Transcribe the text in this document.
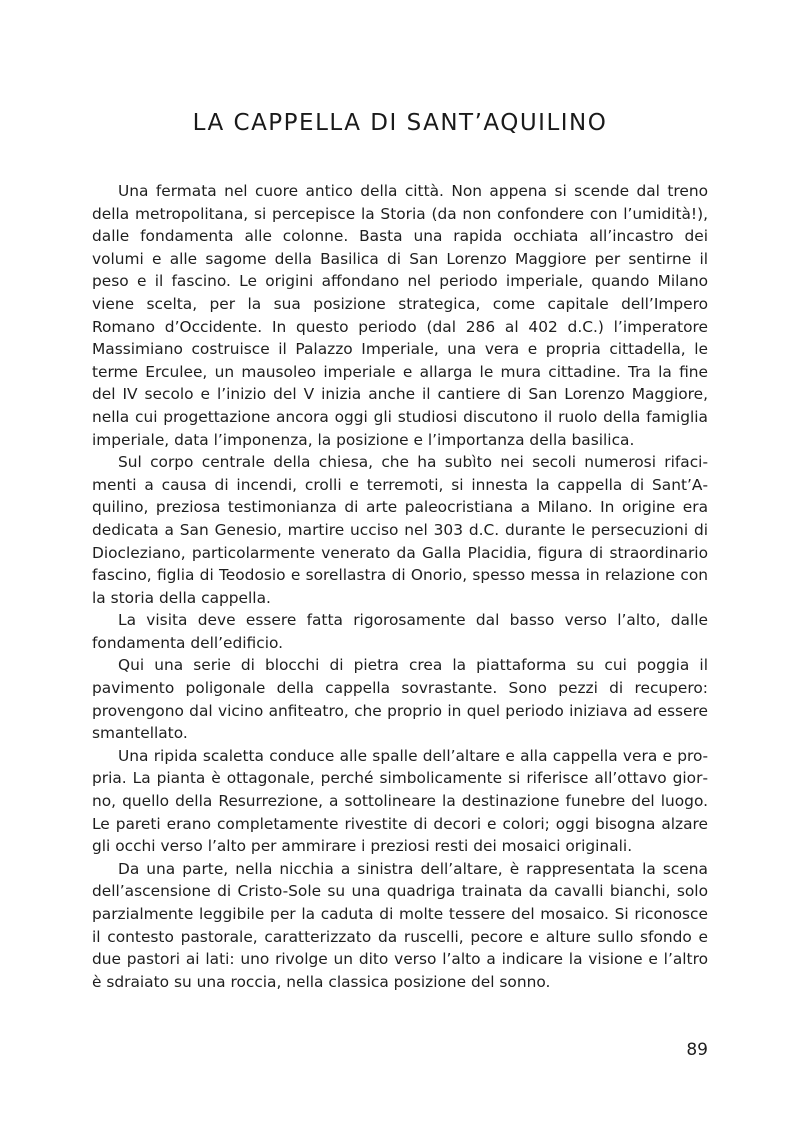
LA CAPPELLA DI SANT’AQUILINO

Una fermata nel cuore antico della città. Non appena si scende dal treno della metropolitana, si percepisce la Storia (da non confondere con l’umidità!), dalle fondamenta alle colonne. Basta una rapida occhiata all’incastro dei volumi e alle sagome della Basilica di San Lorenzo Maggiore per sentirne il peso e il fascino. Le origini affondano nel periodo imperiale, quando Milano viene scelta, per la sua posizione strategica, come capitale dell’Impero Romano d’Occidente. In questo periodo (dal 286 al 402 d.C.) l’imperatore Massimiano costruisce il Palazzo Imperiale, una vera e propria cittadella, le terme Erculee, un mausoleo imperiale e allarga le mura cittadine. Tra la fine del IV secolo e l’inizio del V inizia anche il cantiere di San Lorenzo Maggiore, nella cui progettazione ancora oggi gli studiosi discutono il ruolo della famiglia imperiale, data l’imponenza, la posizione e l’importanza della basilica.

Sul corpo centrale della chiesa, che ha subìto nei secoli numerosi rifacimenti a causa di incendi, crolli e terremoti, si innesta la cappella di Sant’Aquilino, preziosa testimonianza di arte paleocristiana a Milano. In origine era dedicata a San Genesio, martire ucciso nel 303 d.C. durante le persecuzioni di Diocleziano, particolarmente venerato da Galla Placidia, figura di straordinario fascino, figlia di Teodosio e sorellastra di Onorio, spesso messa in relazione con la storia della cappella.

La visita deve essere fatta rigorosamente dal basso verso l’alto, dalle fondamenta dell’edificio.

Qui una serie di blocchi di pietra crea la piattaforma su cui poggia il pavimento poligonale della cappella sovrastante. Sono pezzi di recupero: provengono dal vicino anfiteatro, che proprio in quel periodo iniziava ad essere smantellato.

Una ripida scaletta conduce alle spalle dell’altare e alla cappella vera e propria. La pianta è ottagonale, perché simbolicamente si riferisce all’ottavo giorno, quello della Resurrezione, a sottolineare la destinazione funebre del luogo. Le pareti erano completamente rivestite di decori e colori; oggi bisogna alzare gli occhi verso l’alto per ammirare i preziosi resti dei mosaici originali.

Da una parte, nella nicchia a sinistra dell’altare, è rappresentata la scena dell’ascensione di Cristo-Sole su una quadriga trainata da cavalli bianchi, solo parzialmente leggibile per la caduta di molte tessere del mosaico. Si riconosce il contesto pastorale, caratterizzato da ruscelli, pecore e alture sullo sfondo e due pastori ai lati: uno rivolge un dito verso l’alto a indicare la visione e l’altro è sdraiato su una roccia, nella classica posizione del sonno.

89
